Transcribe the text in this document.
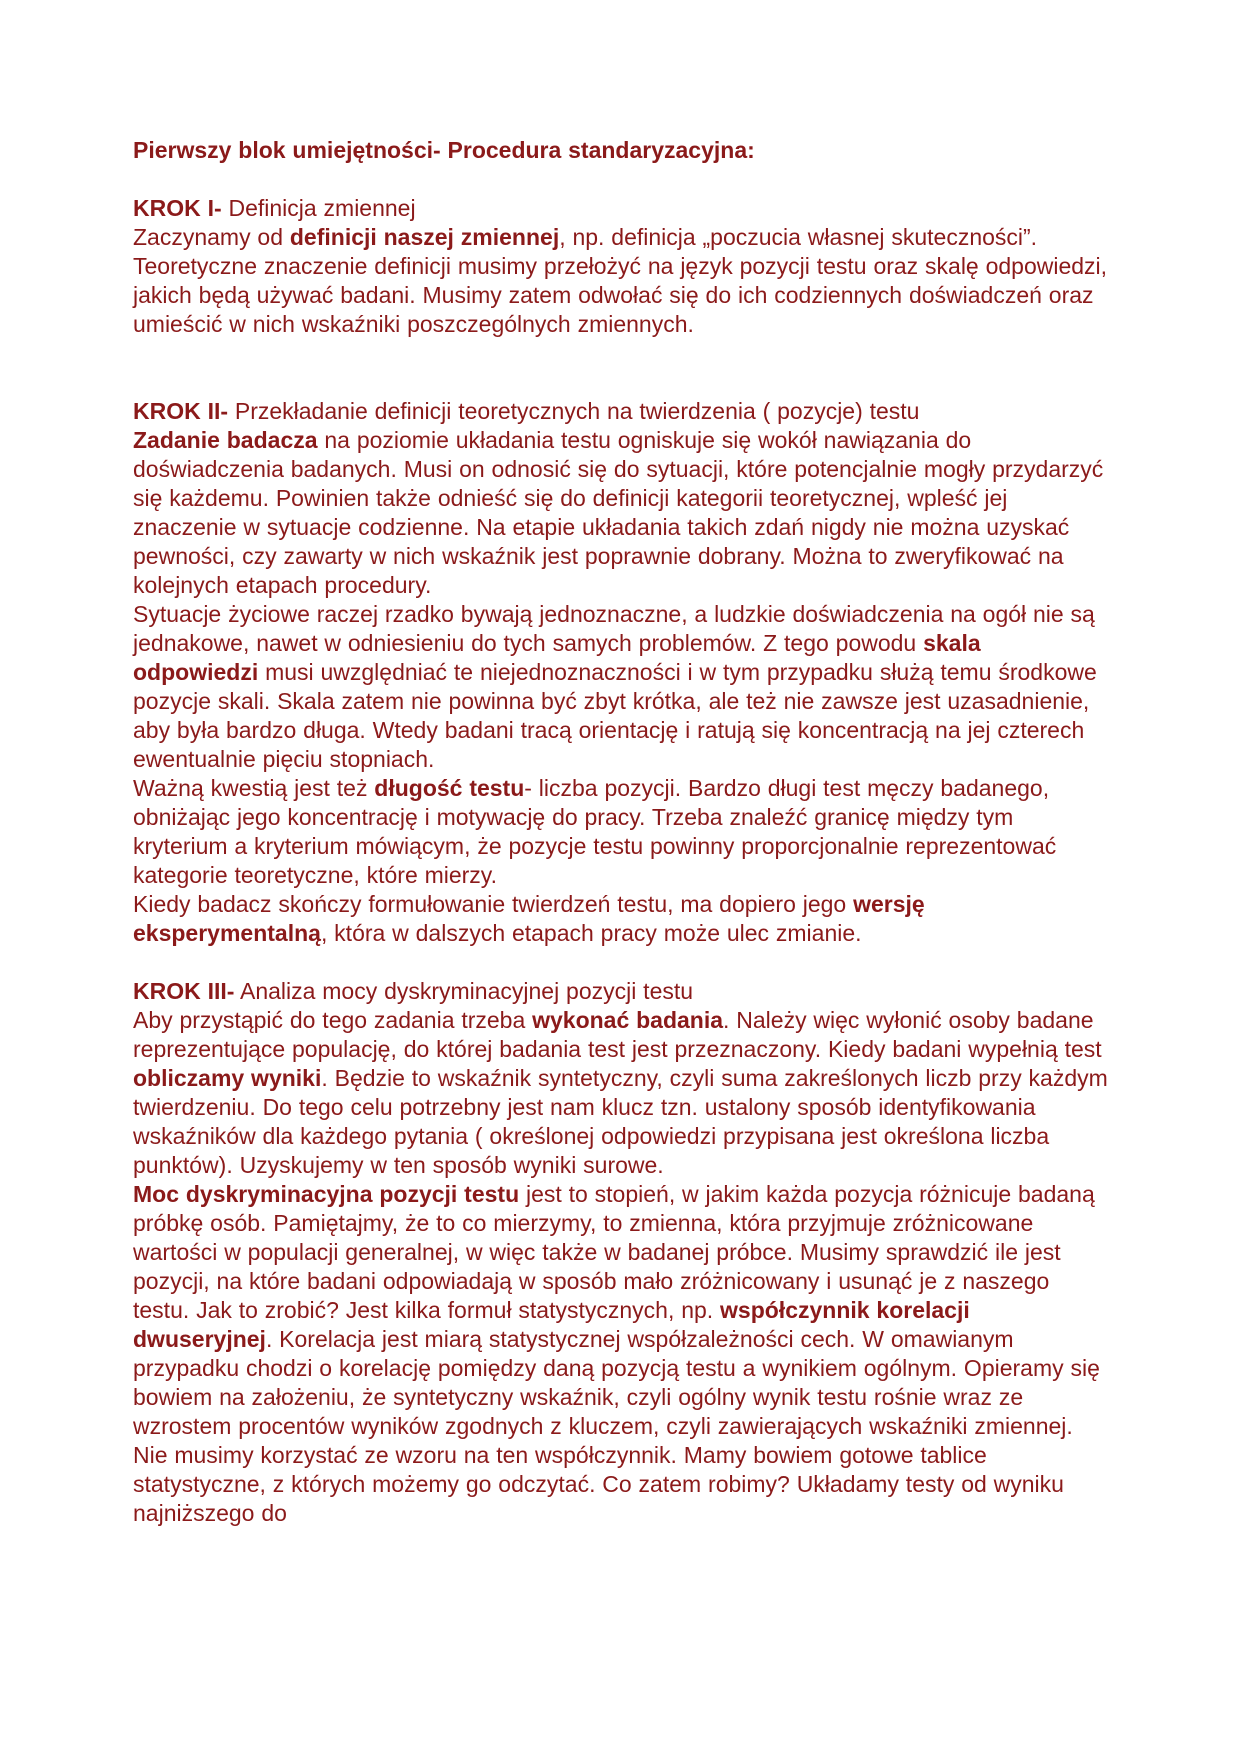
Pierwszy blok umiejętności- Procedura standaryzacyjna:

KROK I- Definicja zmiennej

Zaczynamy od definicji naszej zmiennej, np. definicja „poczucia własnej skuteczności”.

Teoretyczne znaczenie definicji musimy przełożyć na język pozycji testu oraz skalę odpowiedzi, jakich będą używać badani. Musimy zatem odwołać się do ich codziennych doświadczeń oraz umieścić w nich wskaźniki poszczególnych zmiennych.

KROK II- Przekładanie definicji teoretycznych na twierdzenia ( pozycje) testu

Zadanie badacza na poziomie układania testu ogniskuje się wokół nawiązania do doświadczenia badanych. Musi on odnosić się do sytuacji, które potencjalnie mogły przydarzyć się każdemu. Powinien także odnieść się do definicji kategorii teoretycznej, wpleść jej znaczenie w sytuacje codzienne. Na etapie układania takich zdań nigdy nie można uzyskać pewności, czy zawarty w nich wskaźnik jest poprawnie dobrany. Można to zweryfikować na kolejnych etapach procedury.

Sytuacje życiowe raczej rzadko bywają jednoznaczne, a ludzkie doświadczenia na ogół nie są jednakowe, nawet w odniesieniu do tych samych problemów. Z tego powodu skala odpowiedzi musi uwzględniać te niejednoznaczności i w tym przypadku służą temu środkowe pozycje skali. Skala zatem nie powinna być zbyt krótka, ale też nie zawsze jest uzasadnienie, aby była bardzo długa. Wtedy badani tracą orientację i ratują się koncentracją na jej czterech ewentualnie pięciu stopniach.

Ważną kwestią jest też długość testu- liczba pozycji. Bardzo długi test męczy badanego, obniżając jego koncentrację i motywację do pracy. Trzeba znaleźć granicę między tym kryterium a kryterium mówiącym, że pozycje testu powinny proporcjonalnie reprezentować kategorie teoretyczne, które mierzy.

Kiedy badacz skończy formułowanie twierdzeń testu, ma dopiero jego wersję eksperymentalną, która w dalszych etapach pracy może ulec zmianie.

KROK III- Analiza mocy dyskryminacyjnej pozycji testu

Aby przystąpić do tego zadania trzeba wykonać badania. Należy więc wyłonić osoby badane reprezentujące populację, do której badania test jest przeznaczony. Kiedy badani wypełnią test obliczamy wyniki. Będzie to wskaźnik syntetyczny, czyli suma zakreślonych liczb przy każdym twierdzeniu. Do tego celu potrzebny jest nam klucz tzn. ustalony sposób identyfikowania wskaźników dla każdego pytania ( określonej odpowiedzi przypisana jest określona liczba punktów). Uzyskujemy w ten sposób wyniki surowe.

Moc dyskryminacyjna pozycji testu jest to stopień, w jakim każda pozycja różnicuje badaną próbkę osób. Pamiętajmy, że to co mierzymy, to zmienna, która przyjmuje zróżnicowane wartości w populacji generalnej, w więc także w badanej próbce. Musimy sprawdzić ile jest pozycji, na które badani odpowiadają w sposób mało zróżnicowany i usunąć je z naszego testu. Jak to zrobić? Jest kilka formuł statystycznych, np. współczynnik korelacji dwuseryjnej. Korelacja jest miarą statystycznej współzależności cech. W omawianym przypadku chodzi o korelację pomiędzy daną pozycją testu a wynikiem ogólnym. Opieramy się bowiem na założeniu, że syntetyczny wskaźnik, czyli ogólny wynik testu rośnie wraz ze wzrostem procentów wyników zgodnych z kluczem, czyli zawierających wskaźniki zmiennej. Nie musimy korzystać ze wzoru na ten współczynnik. Mamy bowiem gotowe tablice statystyczne, z których możemy go odczytać. Co zatem robimy? Układamy testy od wyniku najniższego do
